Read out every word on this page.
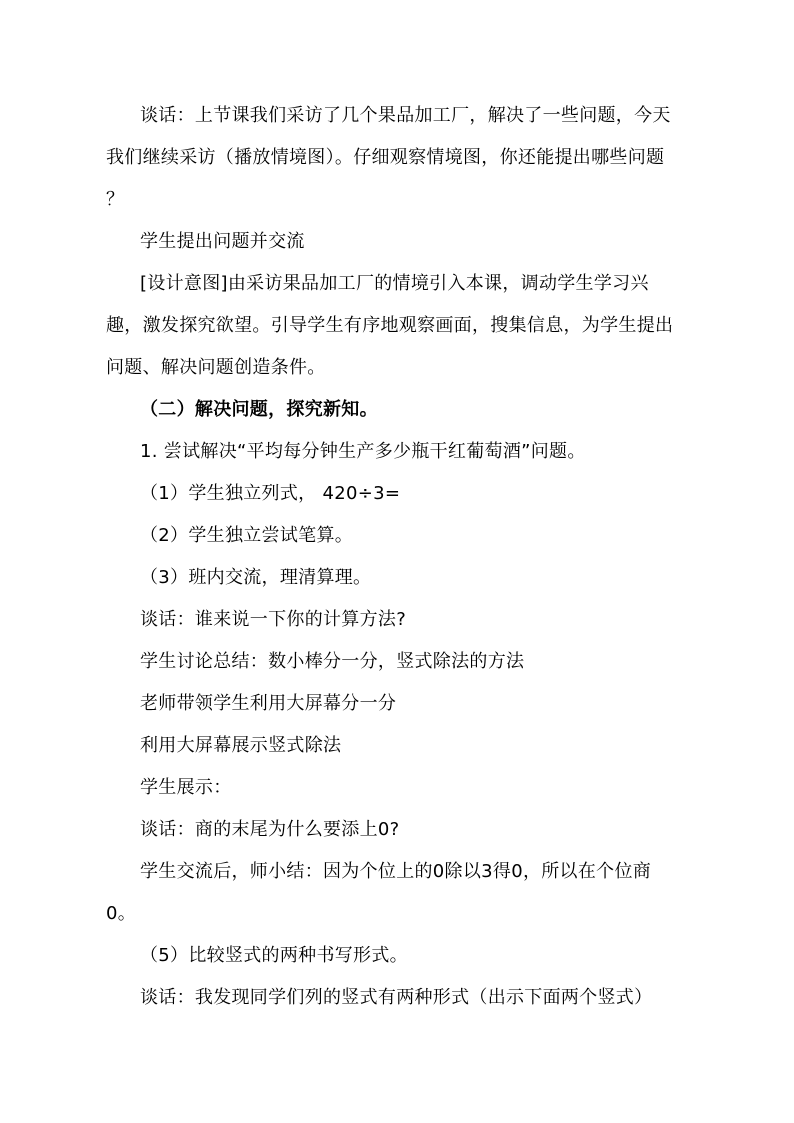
谈话：上节课我们采访了几个果品加工厂，解决了一些问题，今天
我们继续采访（播放情境图）。仔细观察情境图，你还能提出哪些问题
？
学生提出问题并交流
[设计意图]由采访果品加工厂的情境引入本课，调动学生学习兴
趣，激发探究欲望。引导学生有序地观察画面，搜集信息，为学生提出
问题、解决问题创造条件。
（二）解决问题，探究新知。
1. 尝试解决“平均每分钟生产多少瓶干红葡萄酒”问题。
（1）学生独立列式， 420÷3=
（2）学生独立尝试笔算。
（3）班内交流，理清算理。
谈话：谁来说一下你的计算方法?
学生讨论总结：数小棒分一分，竖式除法的方法
老师带领学生利用大屏幕分一分
利用大屏幕展示竖式除法
学生展示：
谈话：商的末尾为什么要添上0?
学生交流后，师小结：因为个位上的0除以3得0，所以在个位商
0。
（5）比较竖式的两种书写形式。
谈话：我发现同学们列的竖式有两种形式（出示下面两个竖式）
